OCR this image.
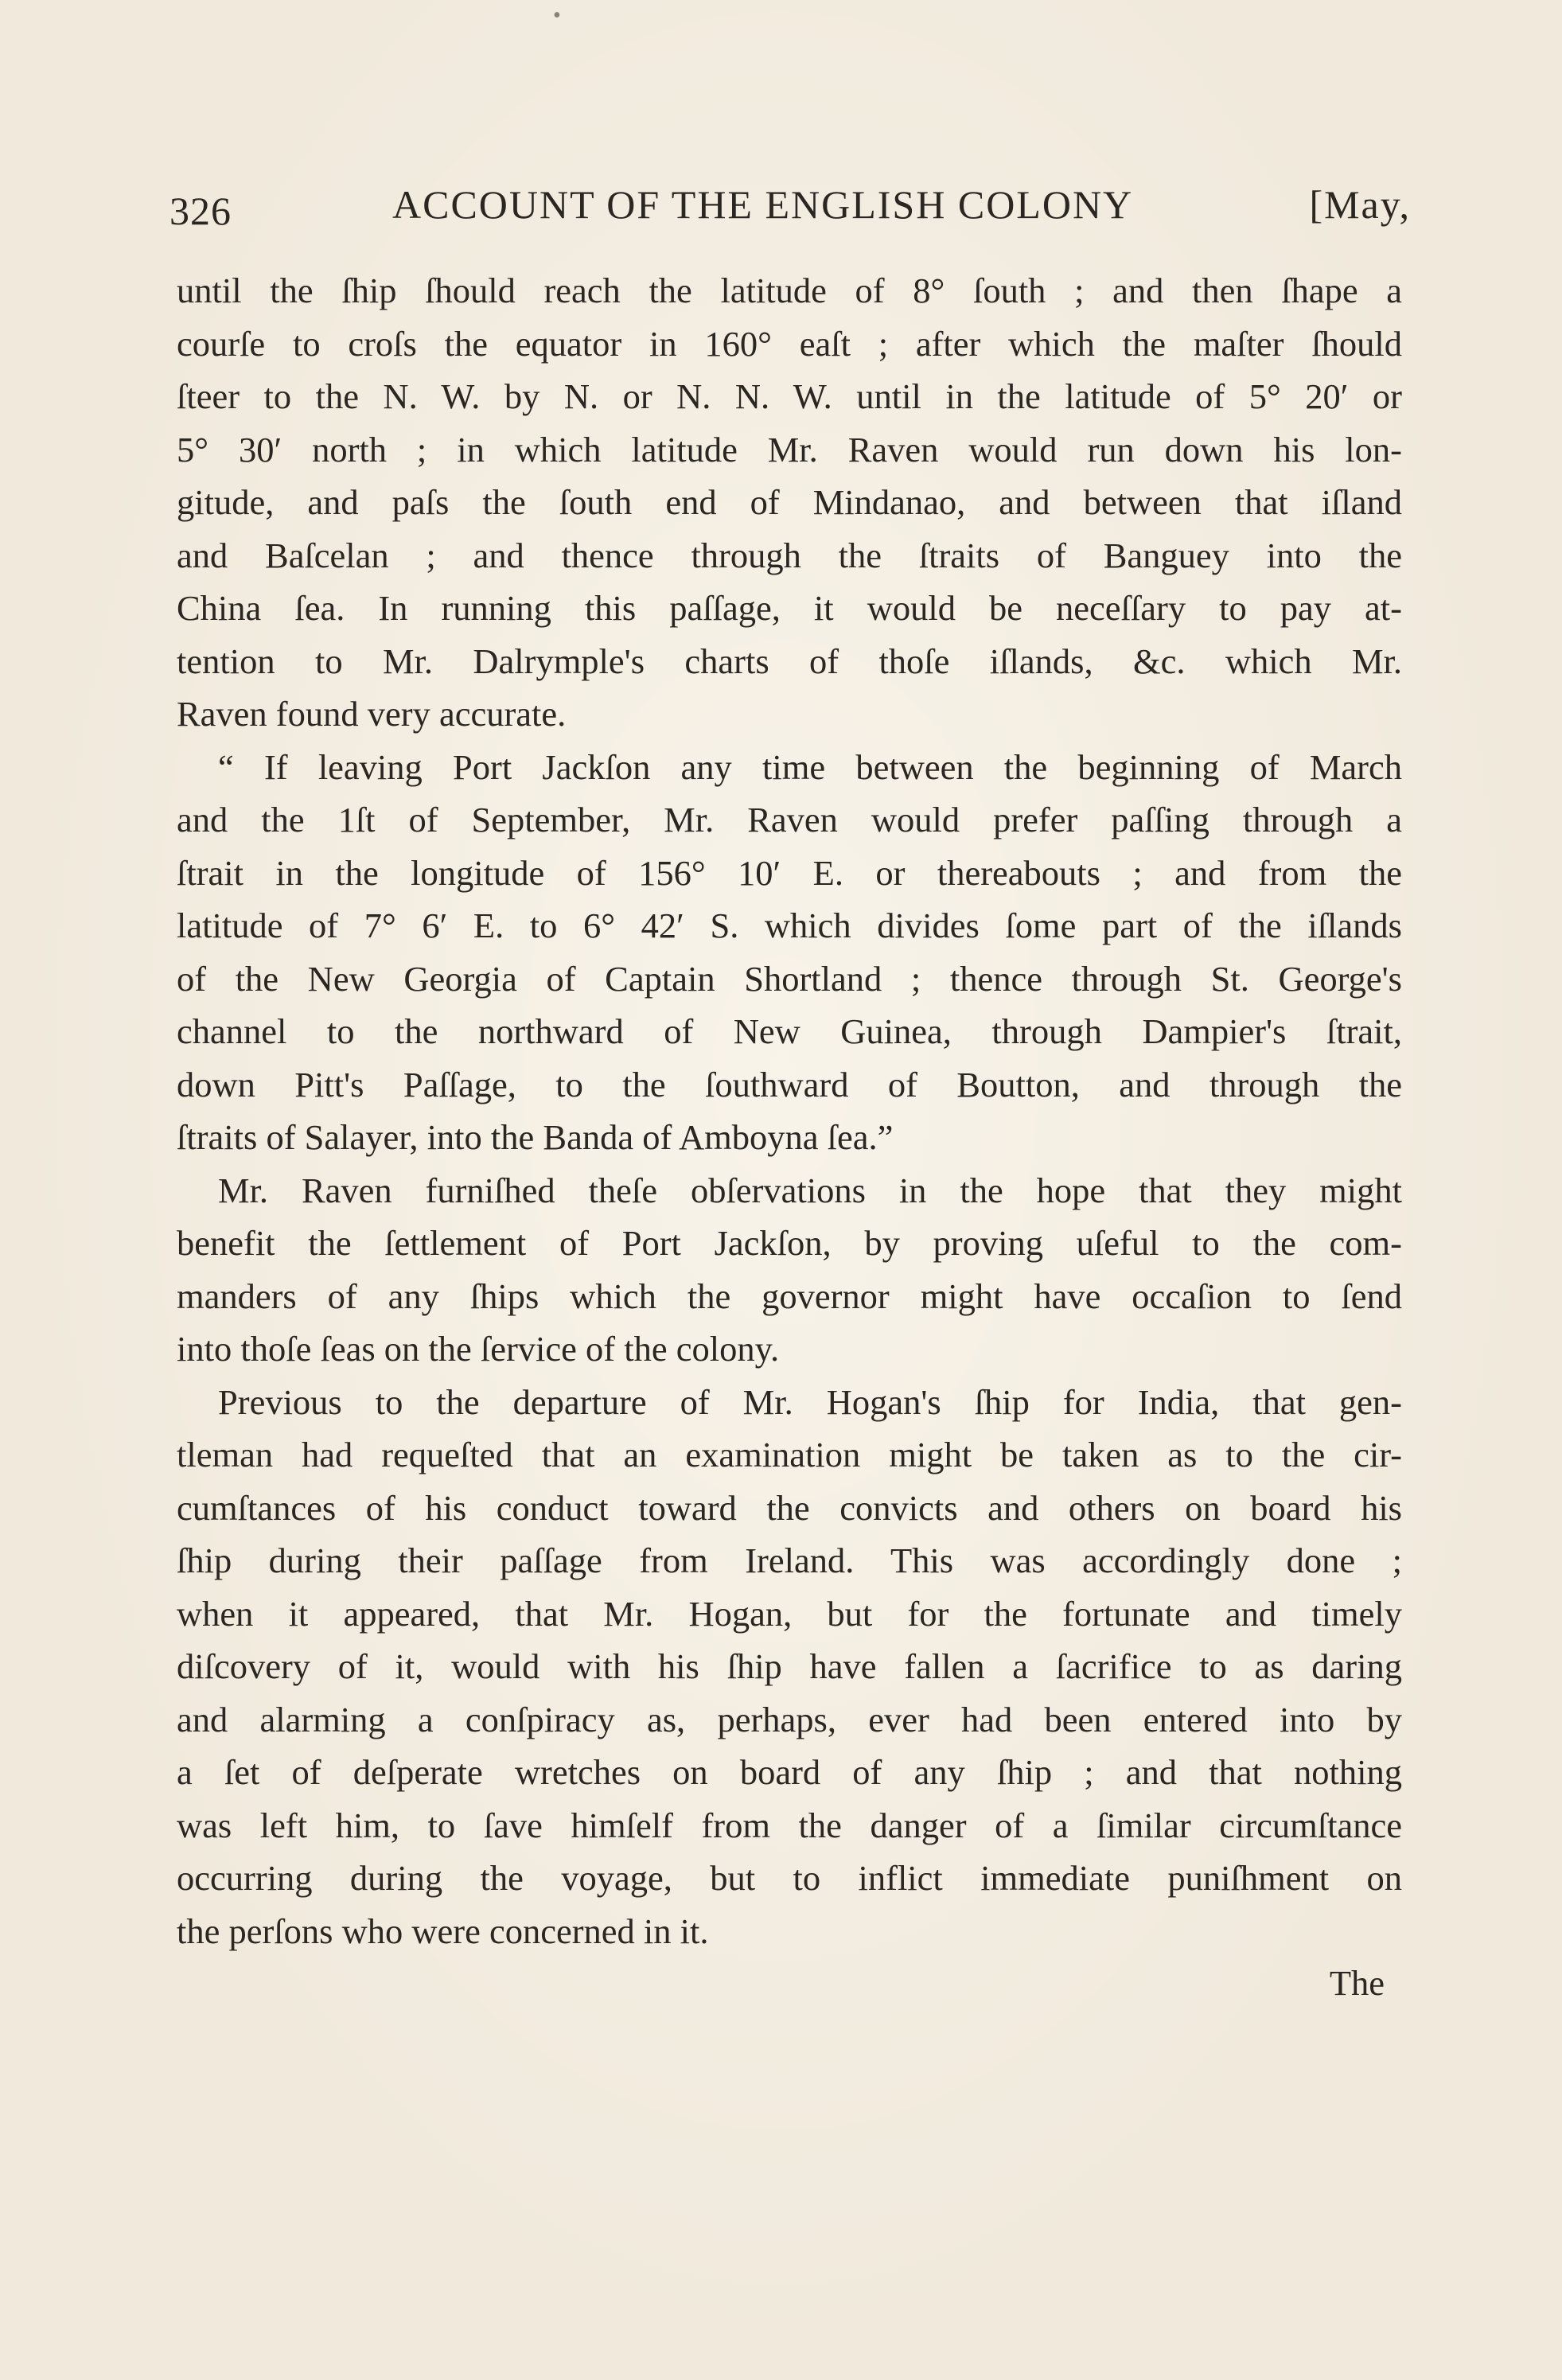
•
326	ACCOUNT OF THE ENGLISH COLONY	[May,
until the ſhip ſhould reach the latitude of 8° ſouth ; and then ſhape a
courſe to croſs the equator in 160° eaſt ; after which the maſter ſhould
ſteer to the N. W. by N. or N. N. W. until in the latitude of 5° 20′ or
5° 30′ north ; in which latitude Mr. Raven would run down his lon-
gitude, and paſs the ſouth end of Mindanao, and between that iſland
and Baſcelan ; and thence through the ſtraits of Banguey into the
China ſea. In running this paſſage, it would be neceſſary to pay at-
tention to Mr. Dalrymple's charts of thoſe iſlands, &c. which Mr.
Raven found very accurate.
“ If leaving Port Jackſon any time between the beginning of March
and the 1ſt of September, Mr. Raven would prefer paſſing through a
ſtrait in the longitude of 156° 10′ E. or thereabouts ; and from the
latitude of 7° 6′ E. to 6° 42′ S. which divides ſome part of the iſlands
of the New Georgia of Captain Shortland ; thence through St. George's
channel to the northward of New Guinea, through Dampier's ſtrait,
down Pitt's Paſſage, to the ſouthward of Boutton, and through the
ſtraits of Salayer, into the Banda of Amboyna ſea.”
Mr. Raven furniſhed theſe obſervations in the hope that they might
benefit the ſettlement of Port Jackſon, by proving uſeful to the com-
manders of any ſhips which the governor might have occaſion to ſend
into thoſe ſeas on the ſervice of the colony.
Previous to the departure of Mr. Hogan's ſhip for India, that gen-
tleman had requeſted that an examination might be taken as to the cir-
cumſtances of his conduct toward the convicts and others on board his
ſhip during their paſſage from Ireland. This was accordingly done ;
when it appeared, that Mr. Hogan, but for the fortunate and timely
diſcovery of it, would with his ſhip have fallen a ſacrifice to as daring
and alarming a conſpiracy as, perhaps, ever had been entered into by
a ſet of deſperate wretches on board of any ſhip ; and that nothing
was left him, to ſave himſelf from the danger of a ſimilar circumſtance
occurring during the voyage, but to inflict immediate puniſhment on
the perſons who were concerned in it.
The
